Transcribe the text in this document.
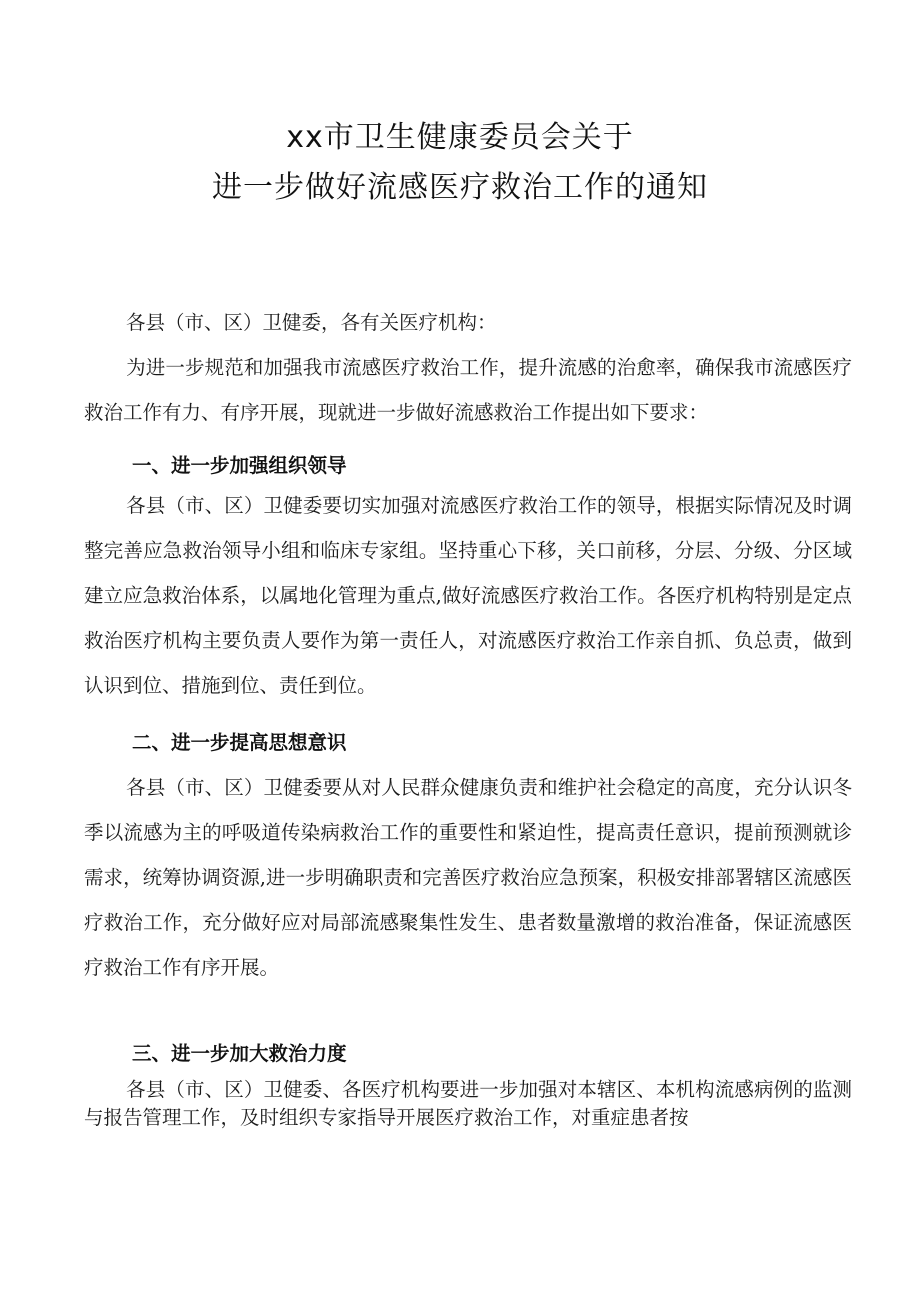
xx市卫生健康委员会关于
进一步做好流感医疗救治工作的通知

各县（市、区）卫健委，各有关医疗机构：

为进一步规范和加强我市流感医疗救治工作，提升流感的治愈率，确保我市流感医疗救治工作有力、有序开展，现就进一步做好流感救治工作提出如下要求：

一、进一步加强组织领导

各县（市、区）卫健委要切实加强对流感医疗救治工作的领导，根据实际情况及时调整完善应急救治领导小组和临床专家组。坚持重心下移，关口前移，分层、分级、分区域建立应急救治体系，以属地化管理为重点,做好流感医疗救治工作。各医疗机构特别是定点救治医疗机构主要负责人要作为第一责任人，对流感医疗救治工作亲自抓、负总责，做到认识到位、措施到位、责任到位。

二、进一步提高思想意识

各县（市、区）卫健委要从对人民群众健康负责和维护社会稳定的高度，充分认识冬季以流感为主的呼吸道传染病救治工作的重要性和紧迫性，提高责任意识，提前预测就诊需求，统筹协调资源,进一步明确职责和完善医疗救治应急预案，积极安排部署辖区流感医疗救治工作，充分做好应对局部流感聚集性发生、患者数量激增的救治准备，保证流感医疗救治工作有序开展。

三、进一步加大救治力度

各县（市、区）卫健委、各医疗机构要进一步加强对本辖区、本机构流感病例的监测与报告管理工作，及时组织专家指导开展医疗救治工作，对重症患者按
